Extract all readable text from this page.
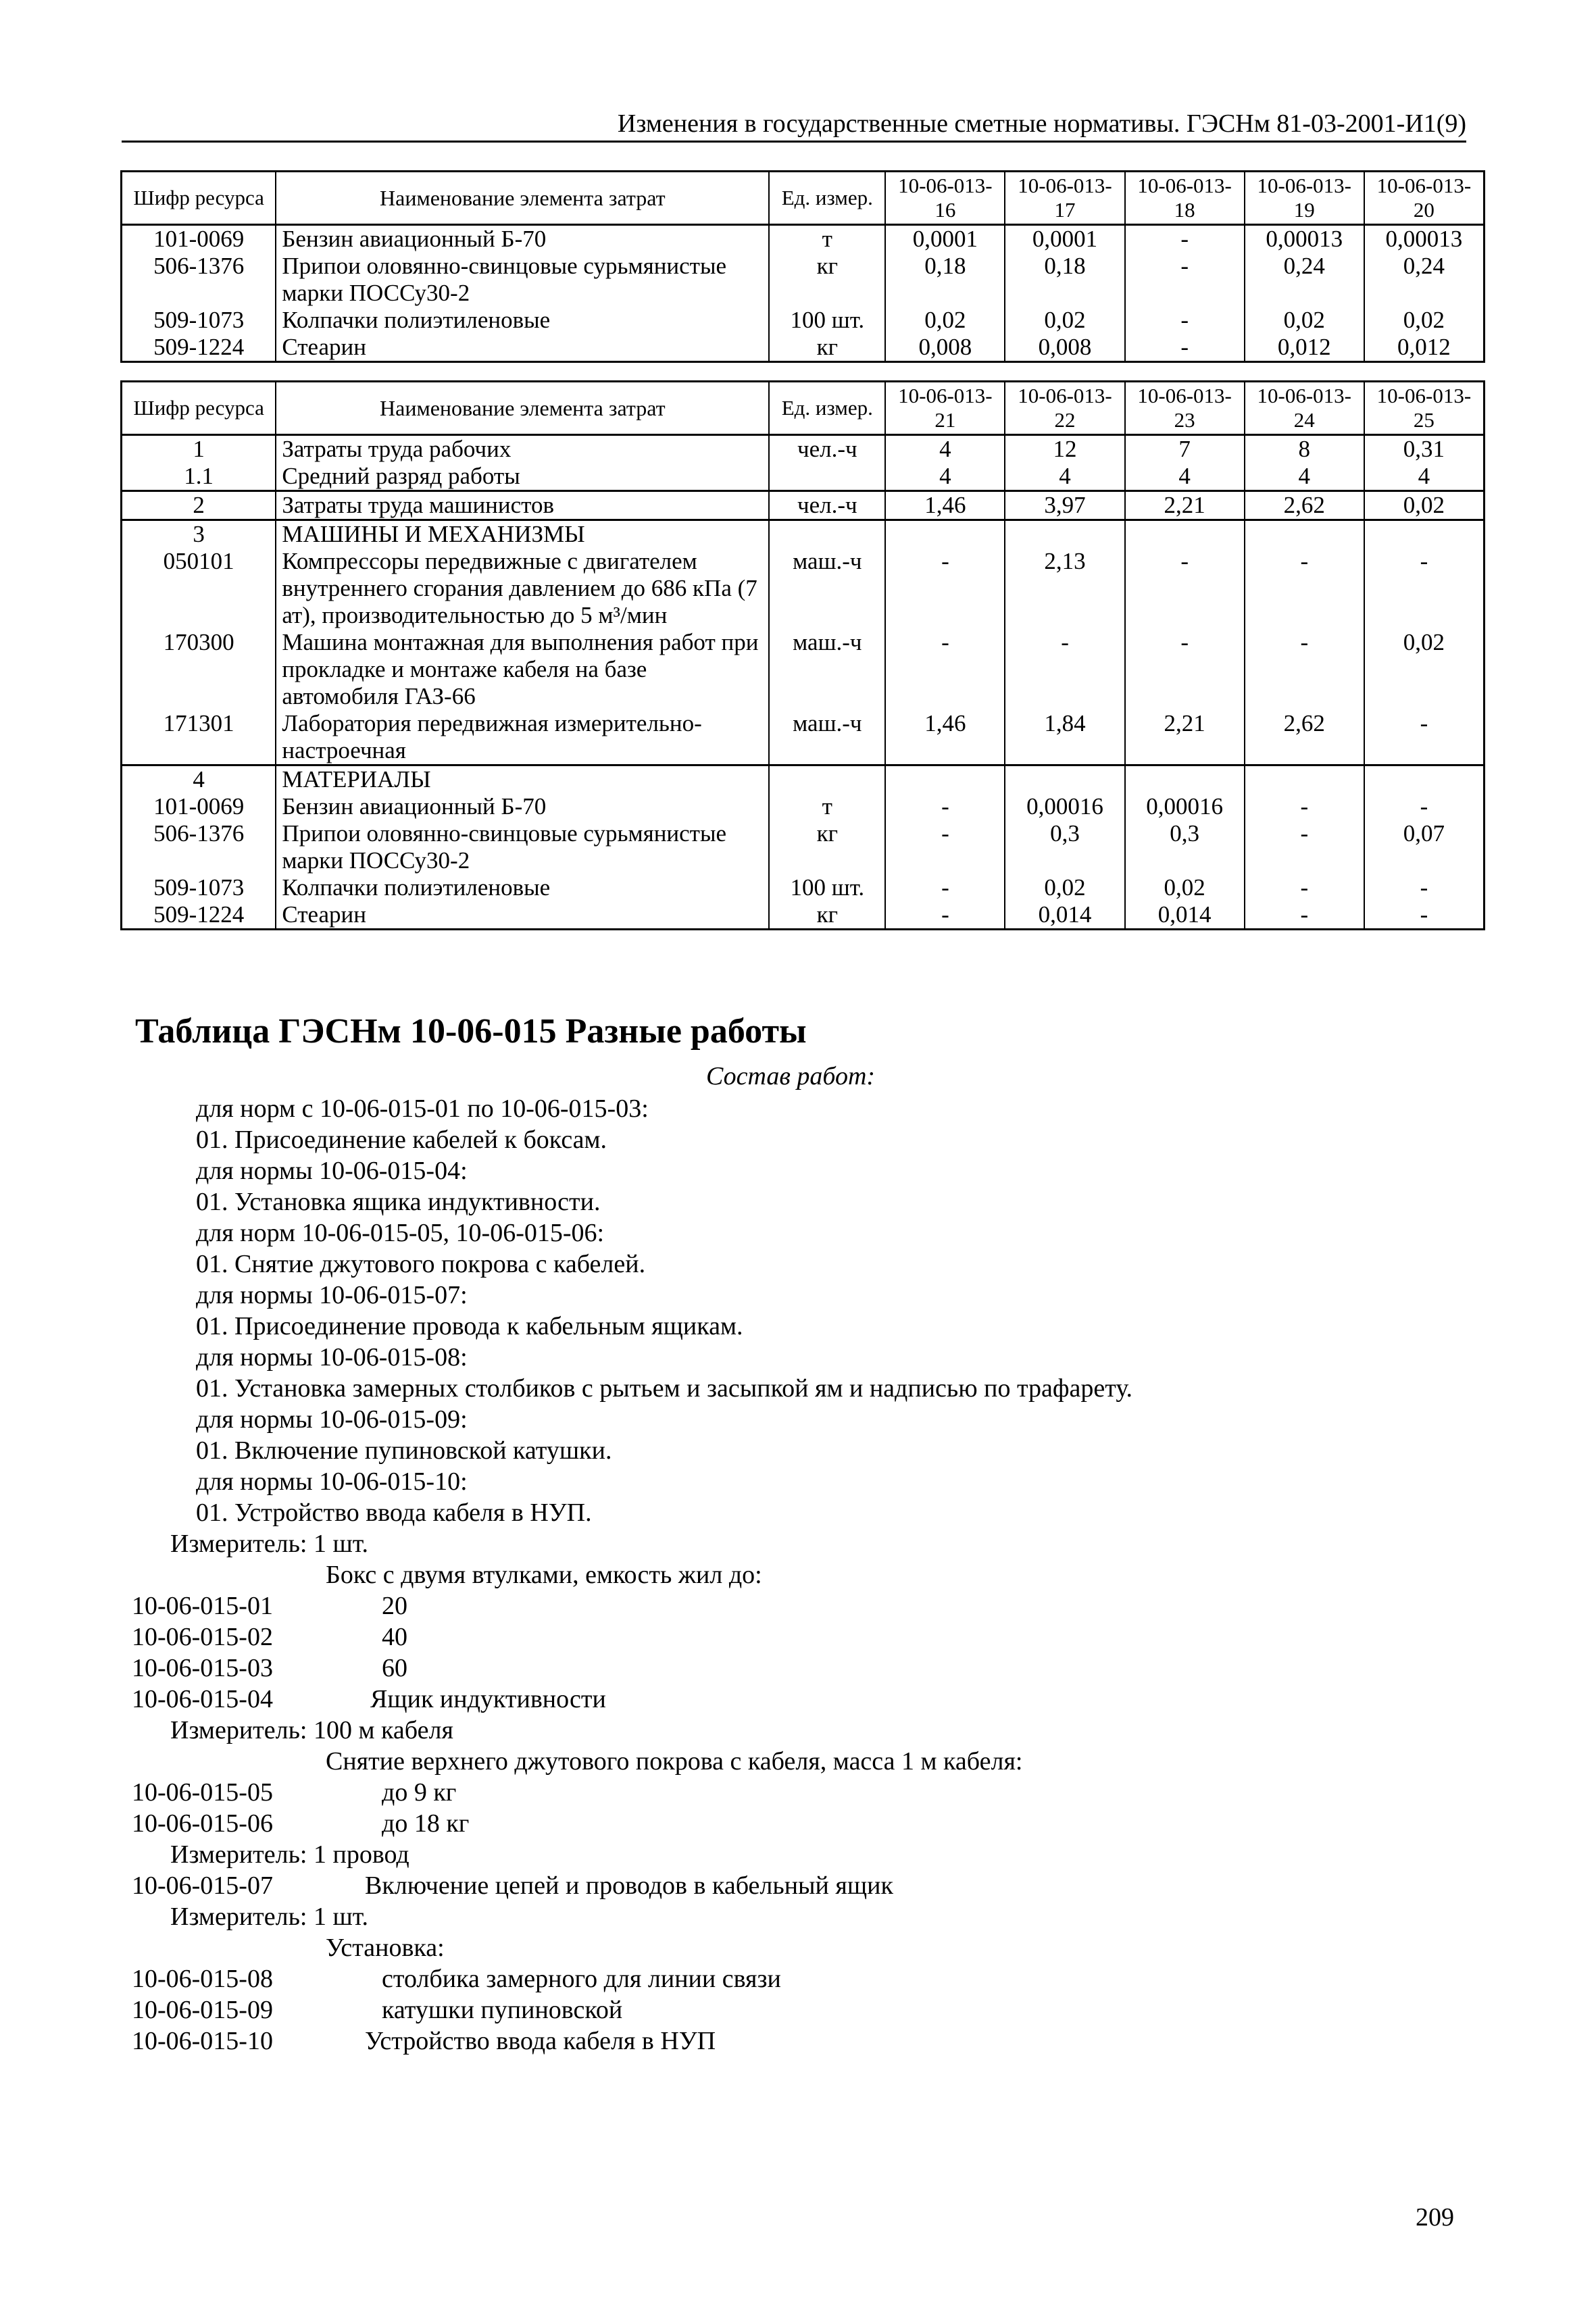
Изменения в государственные сметные нормативы. ГЭСНм 81-03-2001-И1(9)
Шифр ресурса	Наименование элемента затрат	Ед. измер.	10-06-013-16	10-06-013-17	10-06-013-18	10-06-013-19	10-06-013-20
101-0069	Бензин авиационный Б-70	т	0,0001	0,0001	-	0,00013	0,00013
506-1376	Припои оловянно-свинцовые сурьмянистые марки ПОССу30-2	кг	0,18	0,18	-	0,24	0,24
509-1073	Колпачки полиэтиленовые	100 шт.	0,02	0,02	-	0,02	0,02
509-1224	Стеарин	кг	0,008	0,008	-	0,012	0,012
Шифр ресурса	Наименование элемента затрат	Ед. измер.	10-06-013-21	10-06-013-22	10-06-013-23	10-06-013-24	10-06-013-25
1	Затраты труда рабочих	чел.-ч	4	12	7	8	0,31
1.1	Средний разряд работы		4	4	4	4	4
2	Затраты труда машинистов	чел.-ч	1,46	3,97	2,21	2,62	0,02
3	МАШИНЫ И МЕХАНИЗМЫ						
050101	Компрессоры передвижные с двигателем внутреннего сгорания давлением до 686 кПа (7 ат), производительностью до 5 м³/мин	маш.-ч	-	2,13	-	-	-
170300	Машина монтажная для выполнения работ при прокладке и монтаже кабеля на базе автомобиля ГАЗ-66	маш.-ч	-	-	-	-	0,02
171301	Лаборатория передвижная измерительно-настроечная	маш.-ч	1,46	1,84	2,21	2,62	-
4	МАТЕРИАЛЫ						
101-0069	Бензин авиационный Б-70	т	-	0,00016	0,00016	-	-
506-1376	Припои оловянно-свинцовые сурьмянистые марки ПОССу30-2	кг	-	0,3	0,3	-	0,07
509-1073	Колпачки полиэтиленовые	100 шт.	-	0,02	0,02	-	-
509-1224	Стеарин	кг	-	0,014	0,014	-	-
Таблица ГЭСНм 10-06-015 Разные работы
Состав работ:
для норм с 10-06-015-01 по 10-06-015-03:
01. Присоединение кабелей к боксам.
для нормы 10-06-015-04:
01. Установка ящика индуктивности.
для норм 10-06-015-05, 10-06-015-06:
01. Снятие джутового покрова с кабелей.
для нормы 10-06-015-07:
01. Присоединение провода к кабельным ящикам.
для нормы 10-06-015-08:
01. Установка замерных столбиков с рытьем и засыпкой ям и надписью по трафарету.
для нормы 10-06-015-09:
01. Включение пупиновской катушки.
для нормы 10-06-015-10:
01. Устройство ввода кабеля в НУП.
Измеритель: 1 шт.
Бокс с двумя втулками, емкость жил до:
10-06-015-01	20
10-06-015-02	40
10-06-015-03	60
10-06-015-04	Ящик индуктивности
Измеритель: 100 м кабеля
Снятие верхнего джутового покрова с кабеля, масса 1 м кабеля:
10-06-015-05	до 9 кг
10-06-015-06	до 18 кг
Измеритель: 1 провод
10-06-015-07	Включение цепей и проводов в кабельный ящик
Измеритель: 1 шт.
Установка:
10-06-015-08	столбика замерного для линии связи
10-06-015-09	катушки пупиновской
10-06-015-10	Устройство ввода кабеля в НУП
209
